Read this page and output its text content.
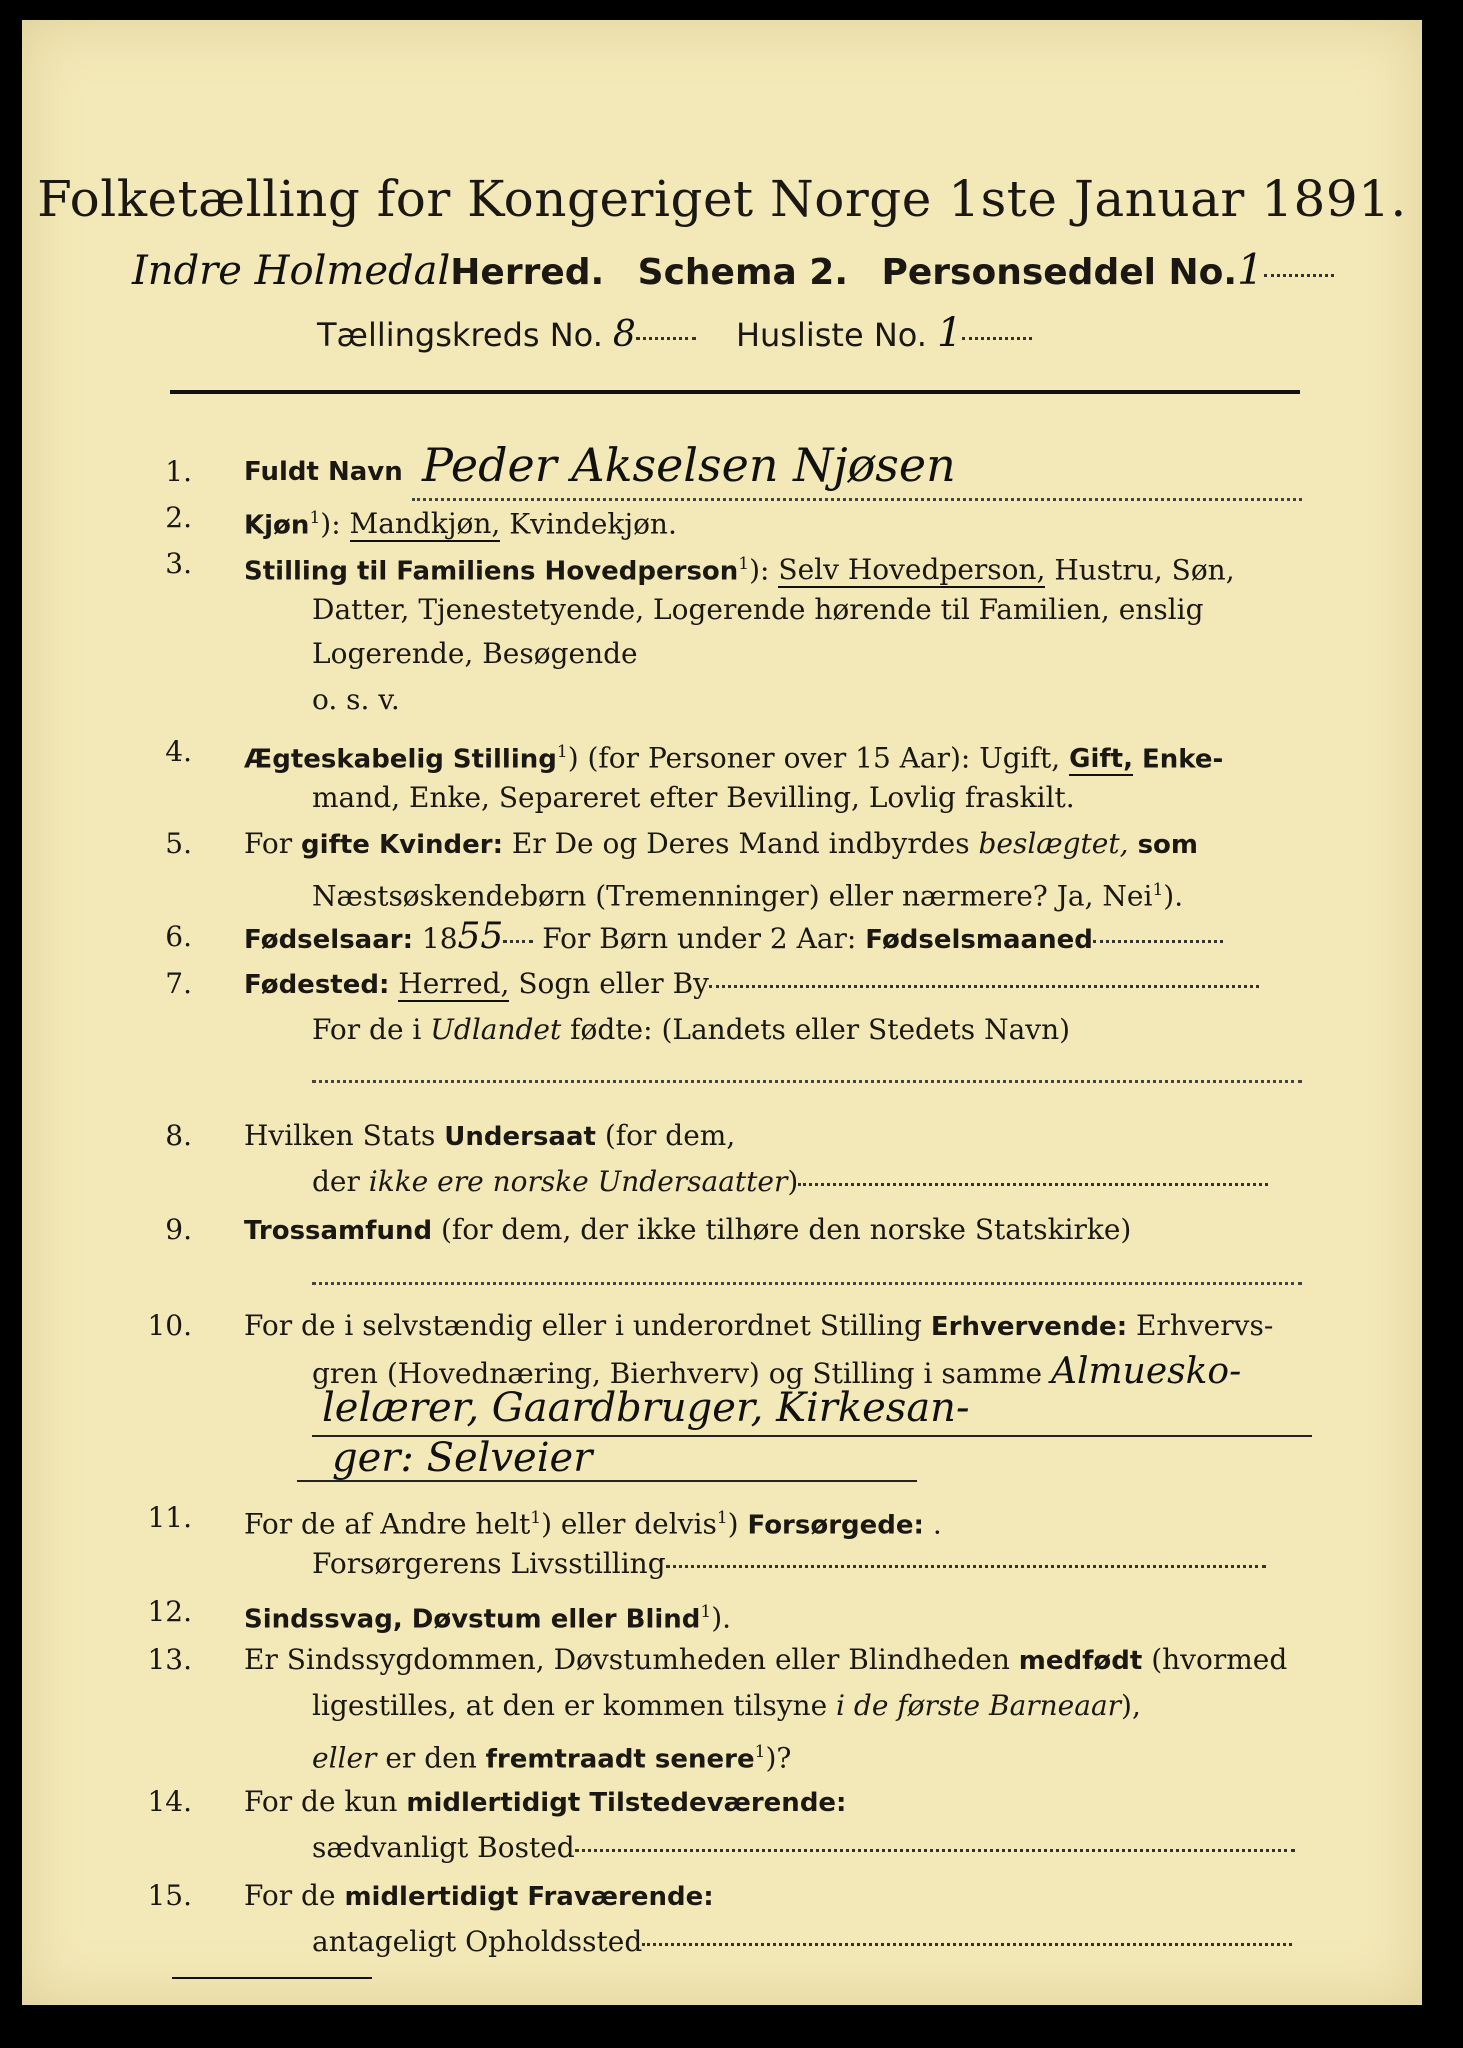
Folketælling for Kongeriget Norge 1ste Januar 1891.
Indre HolmedalHerred. Schema 2. Personseddel No.1
Tællingskreds No. 8	Husliste No. 1
1. Fuldt Navn Peder Akselsen Njøsen
2. Kjøn$^1$): Mandkjøn, Kvindekjøn.
3. Stilling til Familiens Hovedperson$^1$): Selv Hovedperson, Hustru, Søn,
Datter, Tjenestetyende, Logerende hørende til Familien, enslig
Logerende, Besøgende
o. s. v.
4. Ægteskabelig Stilling$^1$) (for Personer over 15 Aar): Ugift, Gift, Enke-
mand, Enke, Separeret efter Bevilling, Lovlig fraskilt.
5. For gifte Kvinder: Er De og Deres Mand indbyrdes beslægtet, som
Næstsøskendebørn (Tremenninger) eller nærmere? Ja, Nei$^1$).
6. Fødselsaar: 1855 For Børn under 2 Aar: Fødselsmaaned
7. Fødested: Herred, Sogn eller By
For de i Udlandet fødte: (Landets eller Stedets Navn)
8. Hvilken Stats Undersaat (for dem,
der ikke ere norske Undersaatter)
9. Trossamfund (for dem, der ikke tilhøre den norske Statskirke)
10. For de i selvstændig eller i underordnet Stilling Erhvervende: Erhvervs-
gren (Hovednæring, Bierhverv) og Stilling i samme Almuesko-
lelærer, Gaardbruger, Kirkesan-
ger: Selveier
11. For de af Andre helt$^1$) eller delvis$^1$) Forsørgede: .
Forsørgerens Livsstilling
12. Sindssvag, Døvstum eller Blind$^1$).
13. Er Sindssygdommen, Døvstumheden eller Blindheden medfødt (hvormed
ligestilles, at den er kommen tilsyne i de første Barneaar),
eller er den fremtraadt senere$^1$)?
14. For de kun midlertidigt Tilstedeværende:
sædvanligt Bosted
15. For de midlertidigt Fraværende:
antageligt Opholdssted
